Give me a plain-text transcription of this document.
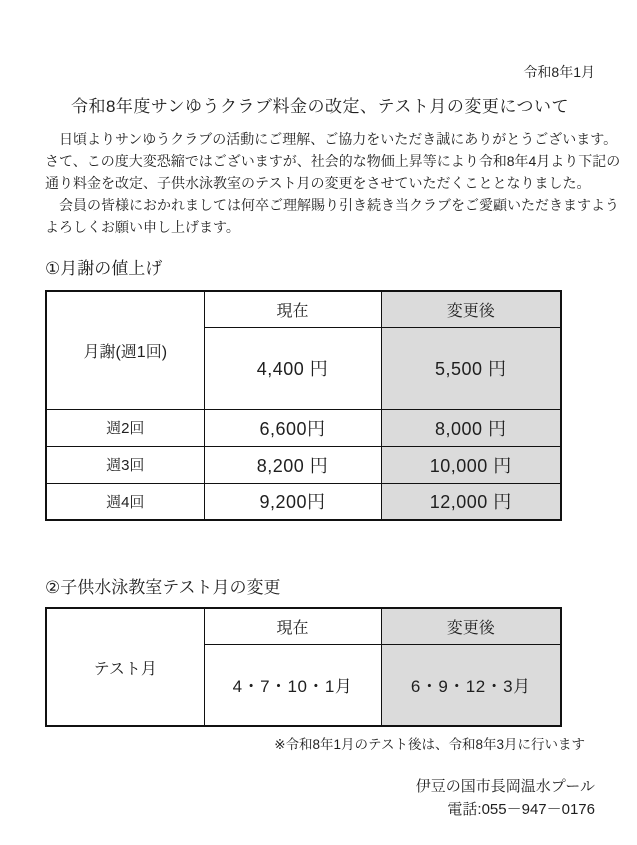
令和8年1月
令和8年度サンゆうクラブ料金の改定、テスト月の変更について
　日頃よりサンゆうクラブの活動にご理解、ご協力をいただき誠にありがとうございます。
さて、この度大変恐縮ではございますが、社会的な物価上昇等により令和8年4月より下記の
通り料金を改定、子供水泳教室のテスト月の変更をさせていただくこととなりました。
　会員の皆様におかれましては何卒ご理解賜り引き続き当クラブをご愛顧いただきますよう
よろしくお願い申し上げます。
①月謝の値上げ
月謝(週1回)	現在	変更後
	4,400 円	5,500 円
週2回	6,600円	8,000 円
週3回	8,200 円	10,000 円
週4回	9,200円	12,000 円
②子供水泳教室テスト月の変更
テスト月	現在	変更後
	4・7・10・1月	6・9・12・3月
※令和8年1月のテスト後は、令和8年3月に行います
伊豆の国市長岡温水プール
電話:055－947－0176
